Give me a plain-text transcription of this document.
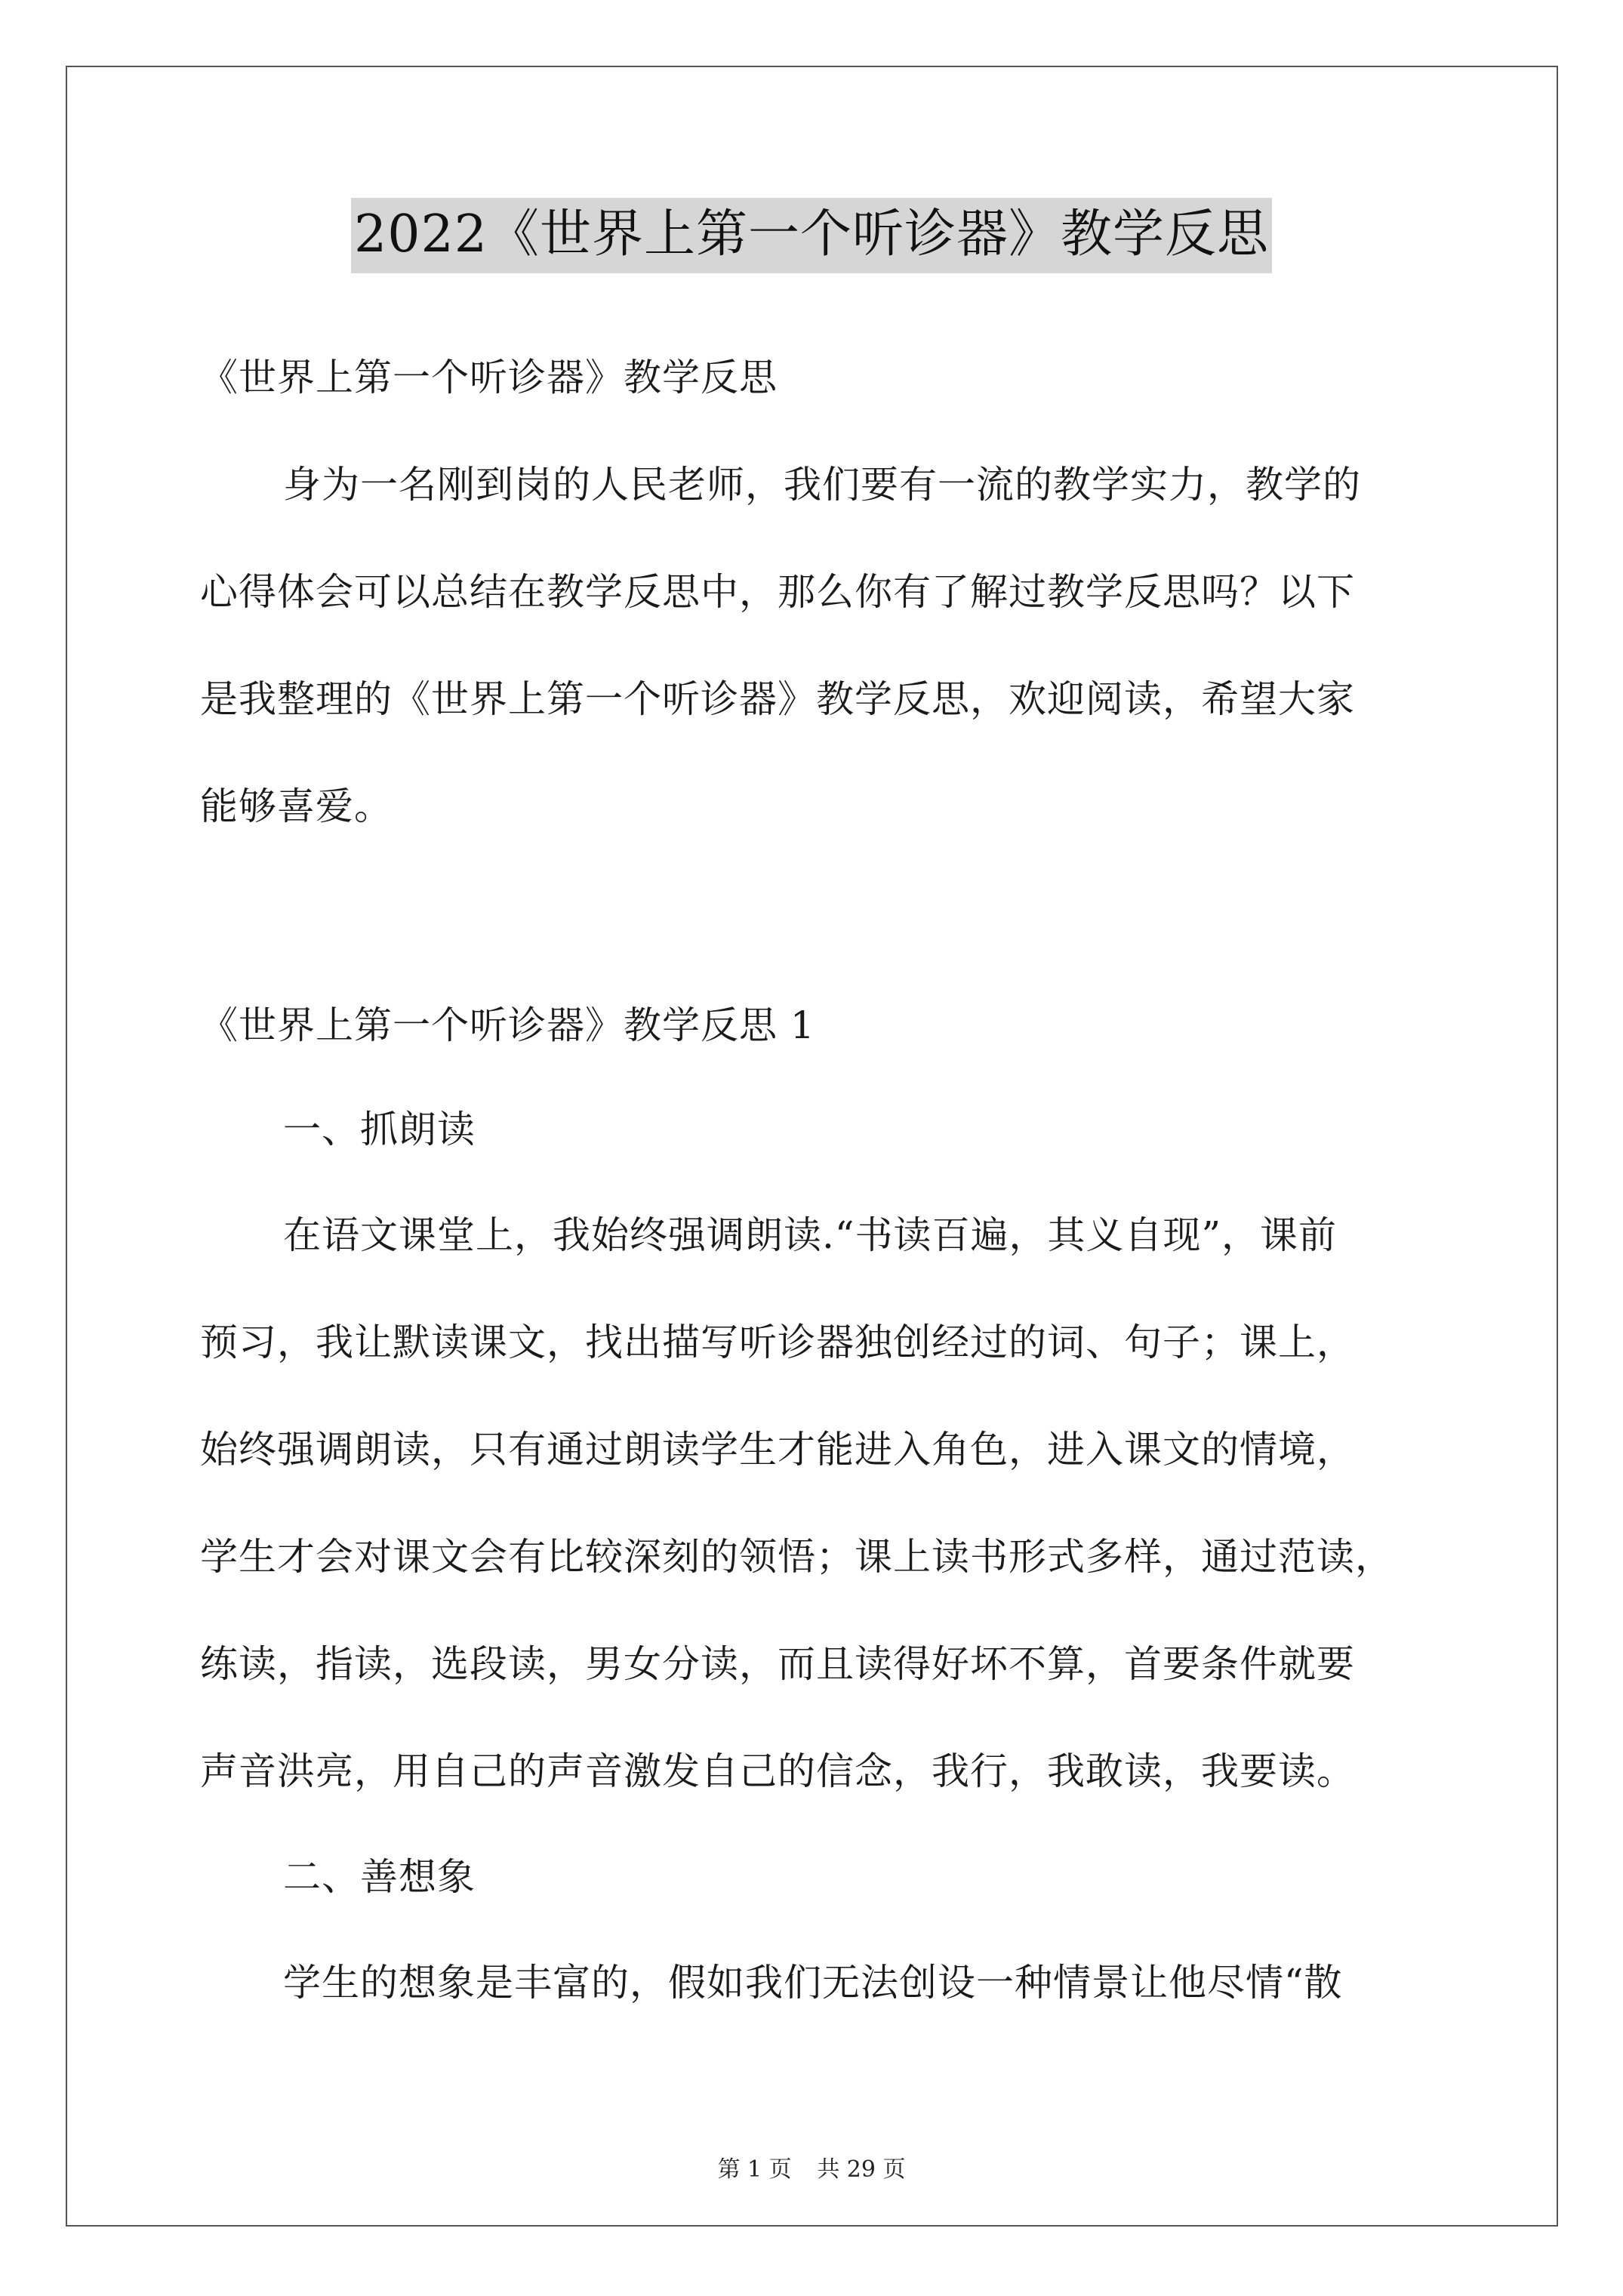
2022《世界上第一个听诊器》教学反思
《世界上第一个听诊器》教学反思
身为一名刚到岗的人民老师，我们要有一流的教学实力，教学的
心得体会可以总结在教学反思中，那么你有了解过教学反思吗？以下
是我整理的《世界上第一个听诊器》教学反思，欢迎阅读，希望大家
能够喜爱。
《世界上第一个听诊器》教学反思 1
一、抓朗读
在语文课堂上，我始终强调朗读.“书读百遍，其义自现”，课前
预习，我让默读课文，找出描写听诊器独创经过的词、句子；课上，
始终强调朗读，只有通过朗读学生才能进入角色，进入课文的情境，
学生才会对课文会有比较深刻的领悟；课上读书形式多样，通过范读，
练读，指读，选段读，男女分读，而且读得好坏不算，首要条件就要
声音洪亮，用自己的声音激发自己的信念，我行，我敢读，我要读。
二、善想象
学生的想象是丰富的，假如我们无法创设一种情景让他尽情“散
第 1 页 共 29 页
